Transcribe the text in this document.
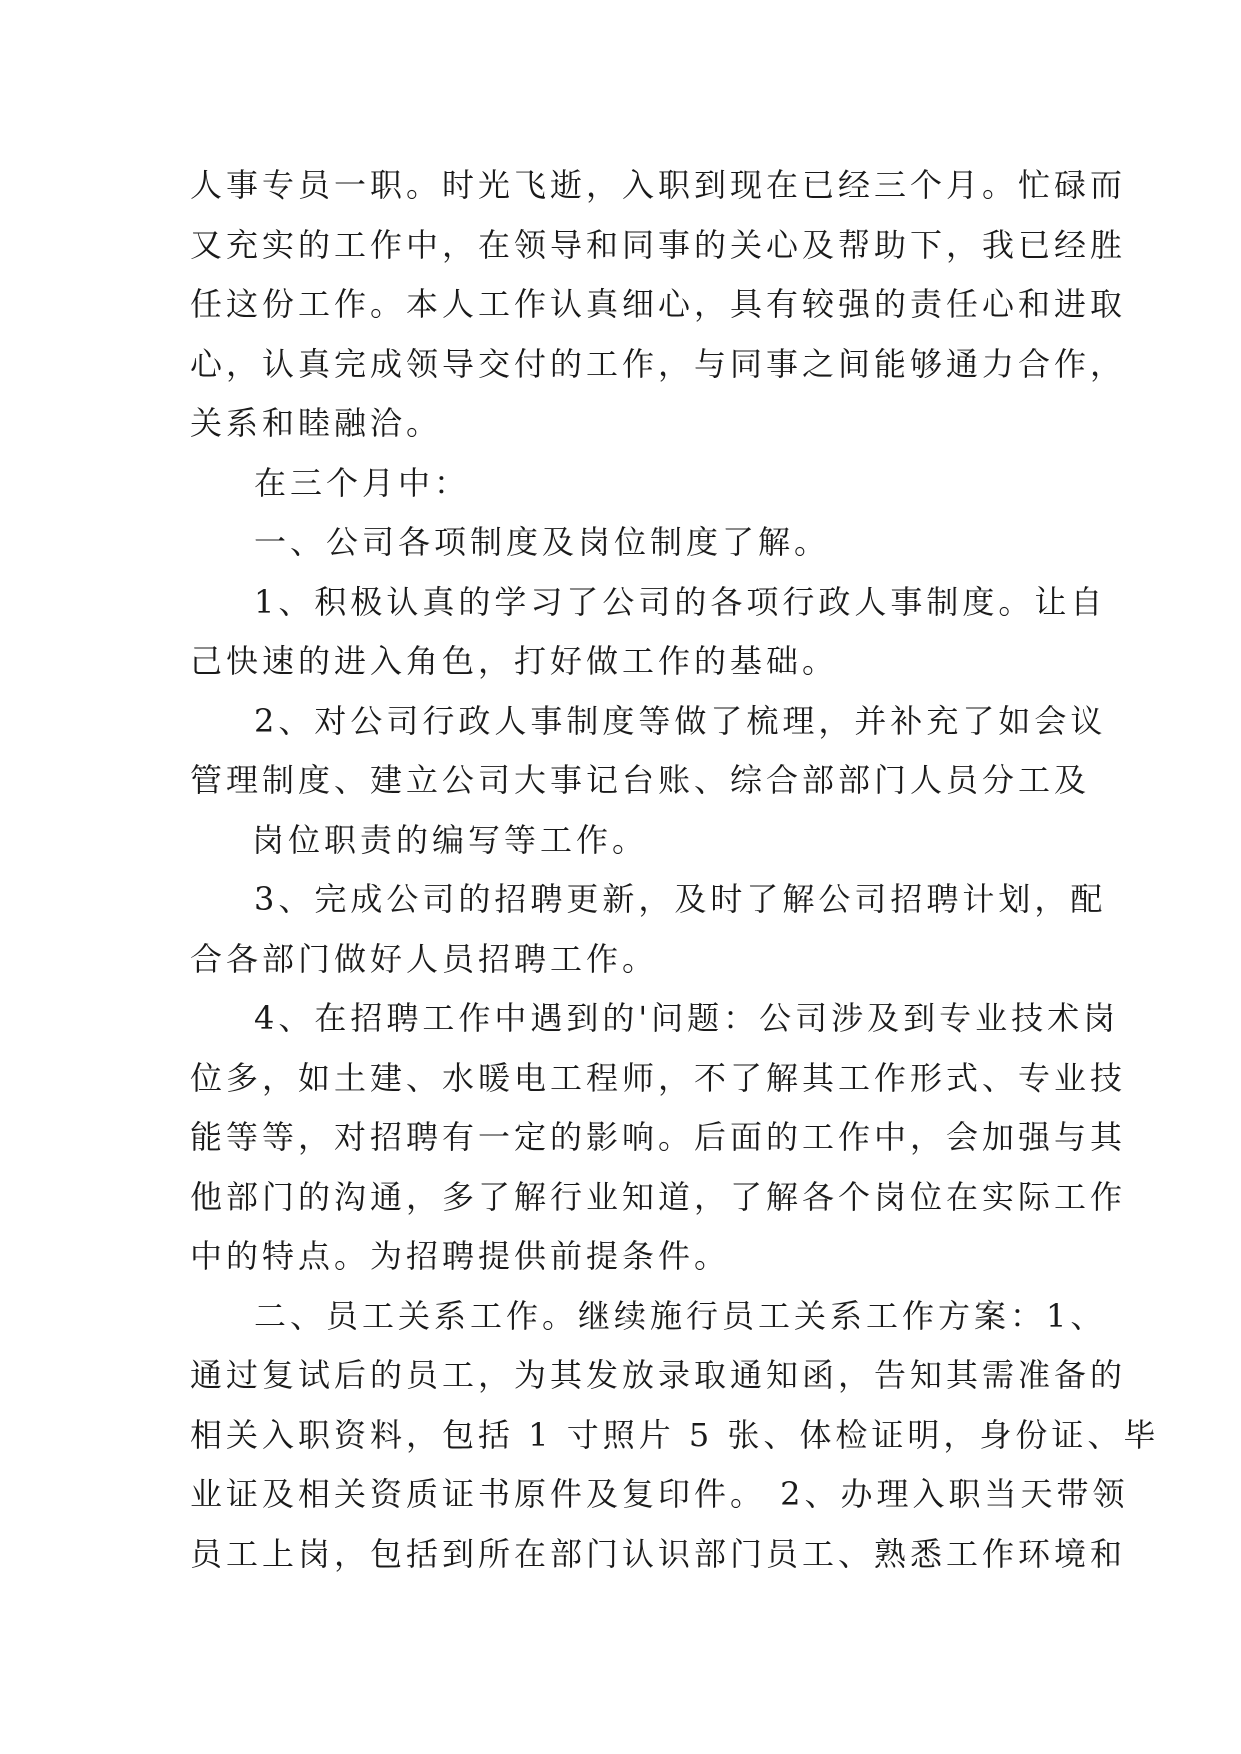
人事专员一职。时光飞逝，入职到现在已经三个月。忙碌而
又充实的工作中，在领导和同事的关心及帮助下，我已经胜
任这份工作。本人工作认真细心，具有较强的责任心和进取
心，认真完成领导交付的工作，与同事之间能够通力合作，
关系和睦融洽。
在三个月中：
一、公司各项制度及岗位制度了解。
1、积极认真的学习了公司的各项行政人事制度。让自
己快速的进入角色，打好做工作的基础。
2、对公司行政人事制度等做了梳理，并补充了如会议
管理制度、建立公司大事记台账、综合部部门人员分工及
岗位职责的编写等工作。
3、完成公司的招聘更新，及时了解公司招聘计划，配
合各部门做好人员招聘工作。
4、在招聘工作中遇到的'问题：公司涉及到专业技术岗
位多，如土建、水暖电工程师，不了解其工作形式、专业技
能等等，对招聘有一定的影响。后面的工作中，会加强与其
他部门的沟通，多了解行业知道，了解各个岗位在实际工作
中的特点。为招聘提供前提条件。
二、员工关系工作。继续施行员工关系工作方案：1、
通过复试后的员工，为其发放录取通知函，告知其需准备的
相关入职资料，包括 1 寸照片 5 张、体检证明，身份证、毕
业证及相关资质证书原件及复印件。 2、办理入职当天带领
员工上岗，包括到所在部门认识部门员工、熟悉工作环境和
